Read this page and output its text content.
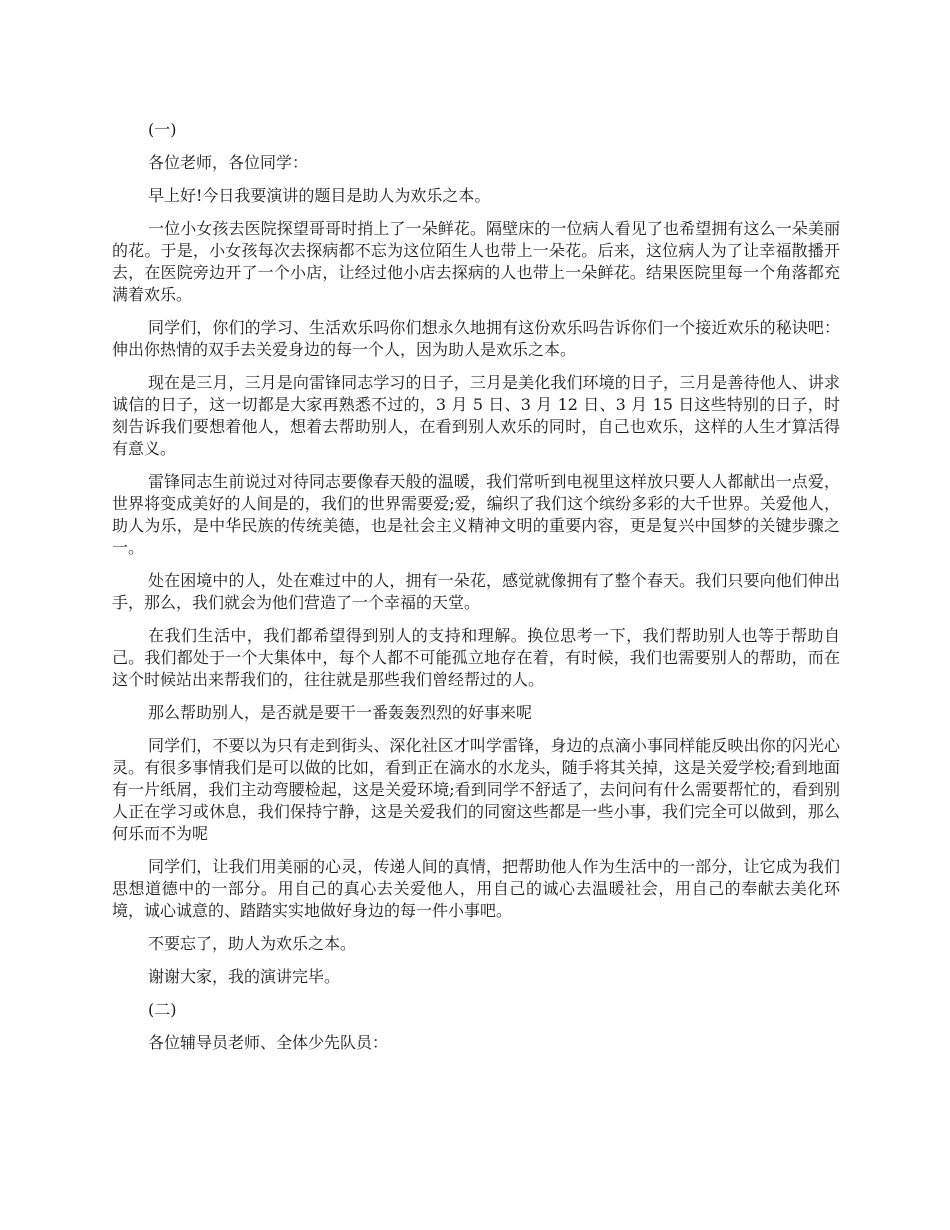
(一)

各位老师，各位同学：

早上好!今日我要演讲的题目是助人为欢乐之本。

一位小女孩去医院探望哥哥时捎上了一朵鲜花。隔壁床的一位病人看见了也希望拥有这么一朵美丽的花。于是，小女孩每次去探病都不忘为这位陌生人也带上一朵花。后来，这位病人为了让幸福散播开去，在医院旁边开了一个小店，让经过他小店去探病的人也带上一朵鲜花。结果医院里每一个角落都充满着欢乐。

同学们，你们的学习、生活欢乐吗你们想永久地拥有这份欢乐吗告诉你们一个接近欢乐的秘诀吧：伸出你热情的双手去关爱身边的每一个人，因为助人是欢乐之本。

现在是三月，三月是向雷锋同志学习的日子，三月是美化我们环境的日子，三月是善待他人、讲求诚信的日子，这一切都是大家再熟悉不过的，3 月 5 日、3 月 12 日、3 月 15 日这些特别的日子，时刻告诉我们要想着他人，想着去帮助别人，在看到别人欢乐的同时，自己也欢乐，这样的人生才算活得有意义。

雷锋同志生前说过对待同志要像春天般的温暖，我们常听到电视里这样放只要人人都献出一点爱，世界将变成美好的人间是的，我们的世界需要爱;爱，编织了我们这个缤纷多彩的大千世界。关爱他人，助人为乐，是中华民族的传统美德，也是社会主义精神文明的重要内容，更是复兴中国梦的关键步骤之一。

处在困境中的人，处在难过中的人，拥有一朵花，感觉就像拥有了整个春天。我们只要向他们伸出手，那么，我们就会为他们营造了一个幸福的天堂。

在我们生活中，我们都希望得到别人的支持和理解。换位思考一下，我们帮助别人也等于帮助自己。我们都处于一个大集体中，每个人都不可能孤立地存在着，有时候，我们也需要别人的帮助，而在这个时候站出来帮我们的，往往就是那些我们曾经帮过的人。

那么帮助别人，是否就是要干一番轰轰烈烈的好事来呢

同学们，不要以为只有走到街头、深化社区才叫学雷锋，身边的点滴小事同样能反映出你的闪光心灵。有很多事情我们是可以做的比如，看到正在滴水的水龙头，随手将其关掉，这是关爱学校;看到地面有一片纸屑，我们主动弯腰检起，这是关爱环境;看到同学不舒适了，去问问有什么需要帮忙的，看到别人正在学习或休息，我们保持宁静，这是关爱我们的同窗这些都是一些小事，我们完全可以做到，那么何乐而不为呢

同学们，让我们用美丽的心灵，传递人间的真情，把帮助他人作为生活中的一部分，让它成为我们思想道德中的一部分。用自己的真心去关爱他人，用自己的诚心去温暖社会，用自己的奉献去美化环境，诚心诚意的、踏踏实实地做好身边的每一件小事吧。

不要忘了，助人为欢乐之本。

谢谢大家，我的演讲完毕。

(二)

各位辅导员老师、全体少先队员：
